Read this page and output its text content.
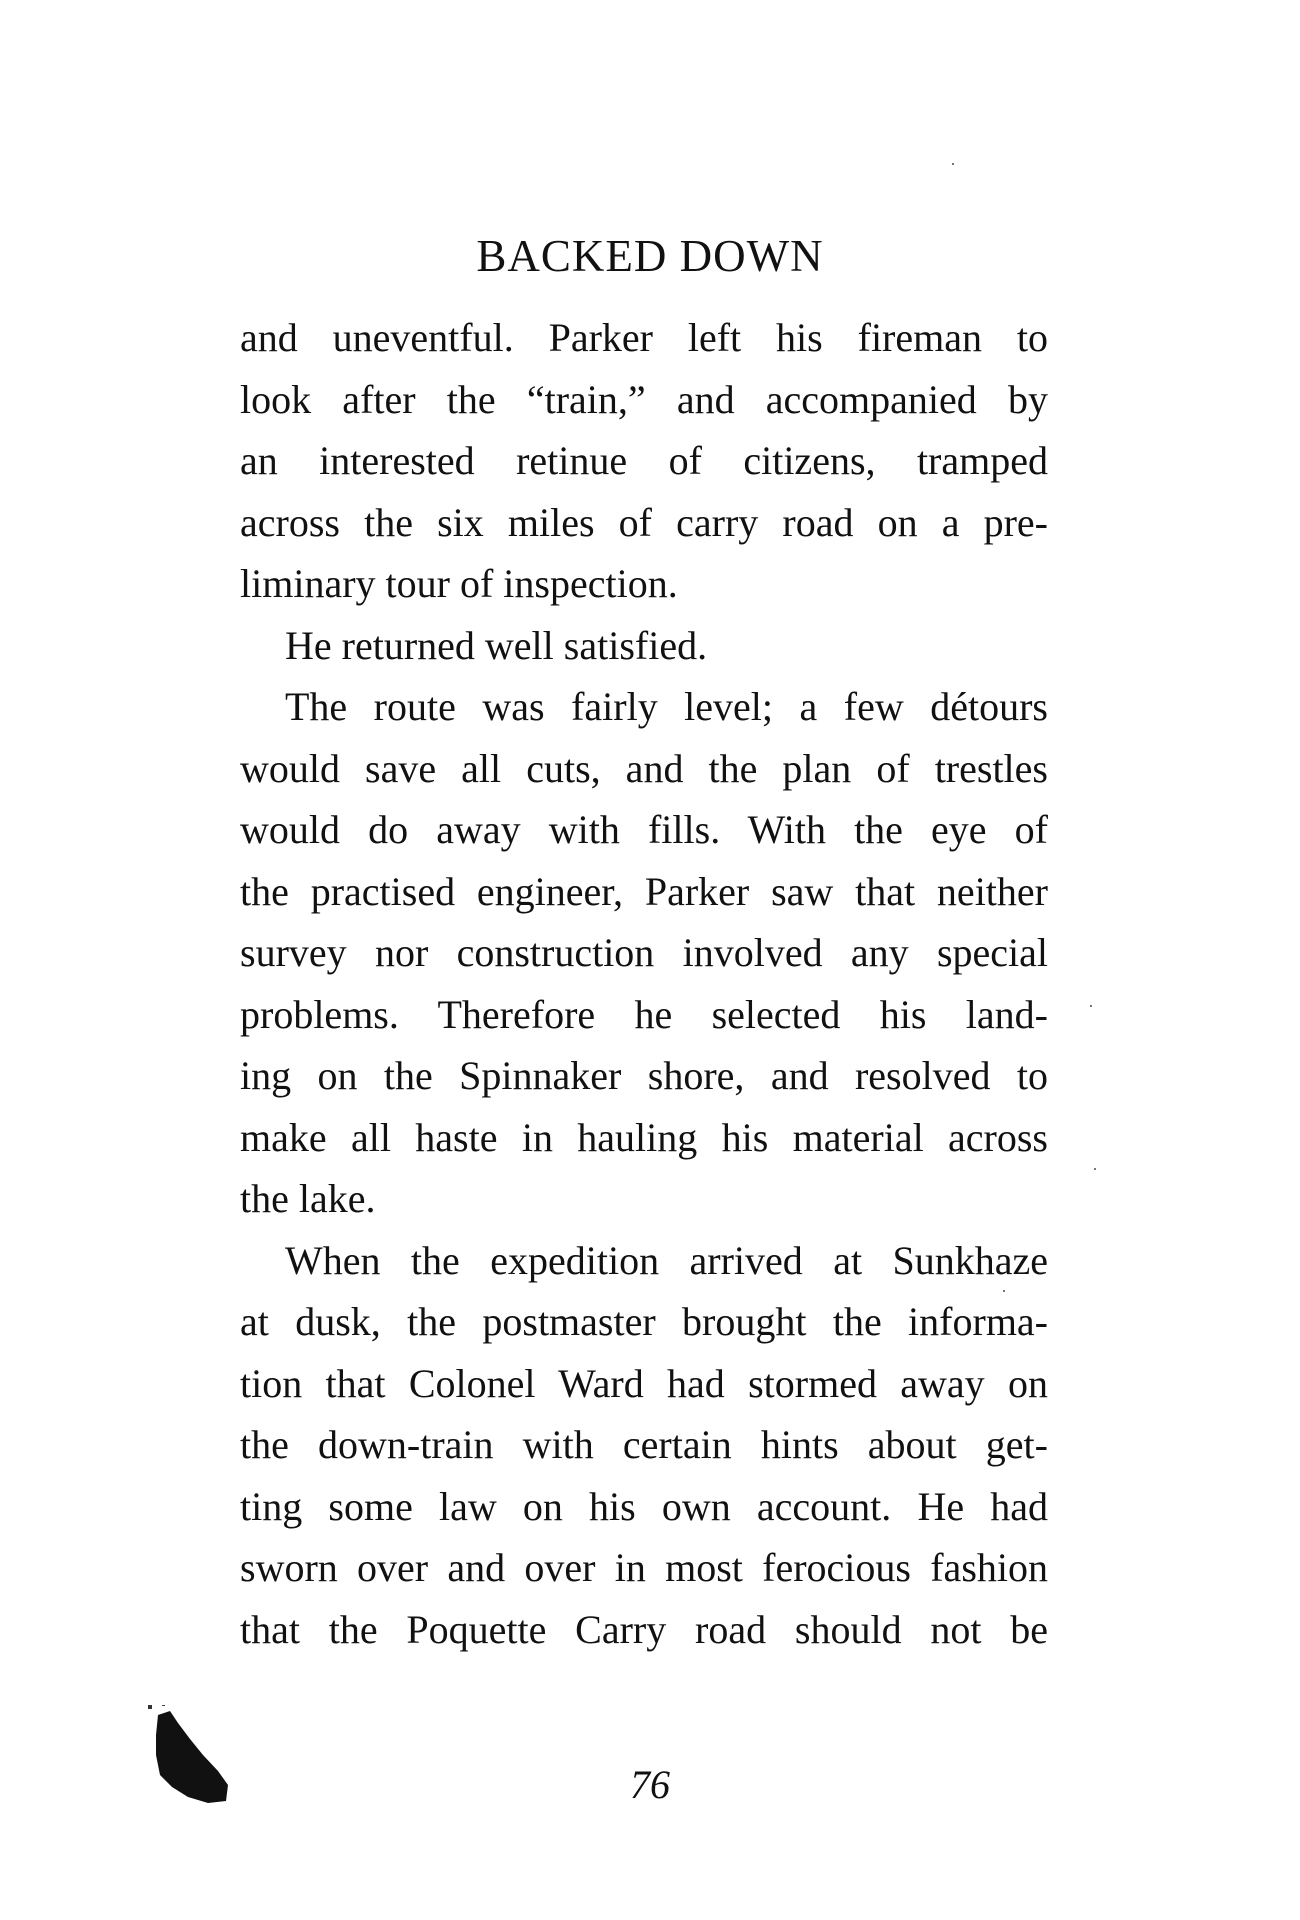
BACKED DOWN

and uneventful. Parker left his fireman to
look after the “train,” and accompanied by
an interested retinue of citizens, tramped
across the six miles of carry road on a pre-
liminary tour of inspection.

He returned well satisfied.

The route was fairly level; a few détours
would save all cuts, and the plan of trestles
would do away with fills. With the eye of
the practised engineer, Parker saw that neither
survey nor construction involved any special
problems. Therefore he selected his land-
ing on the Spinnaker shore, and resolved to
make all haste in hauling his material across
the lake.

When the expedition arrived at Sunkhaze
at dusk, the postmaster brought the informa-
tion that Colonel Ward had stormed away on
the down-train with certain hints about get-
ting some law on his own account. He had
sworn over and over in most ferocious fashion
that the Poquette Carry road should not be

76
